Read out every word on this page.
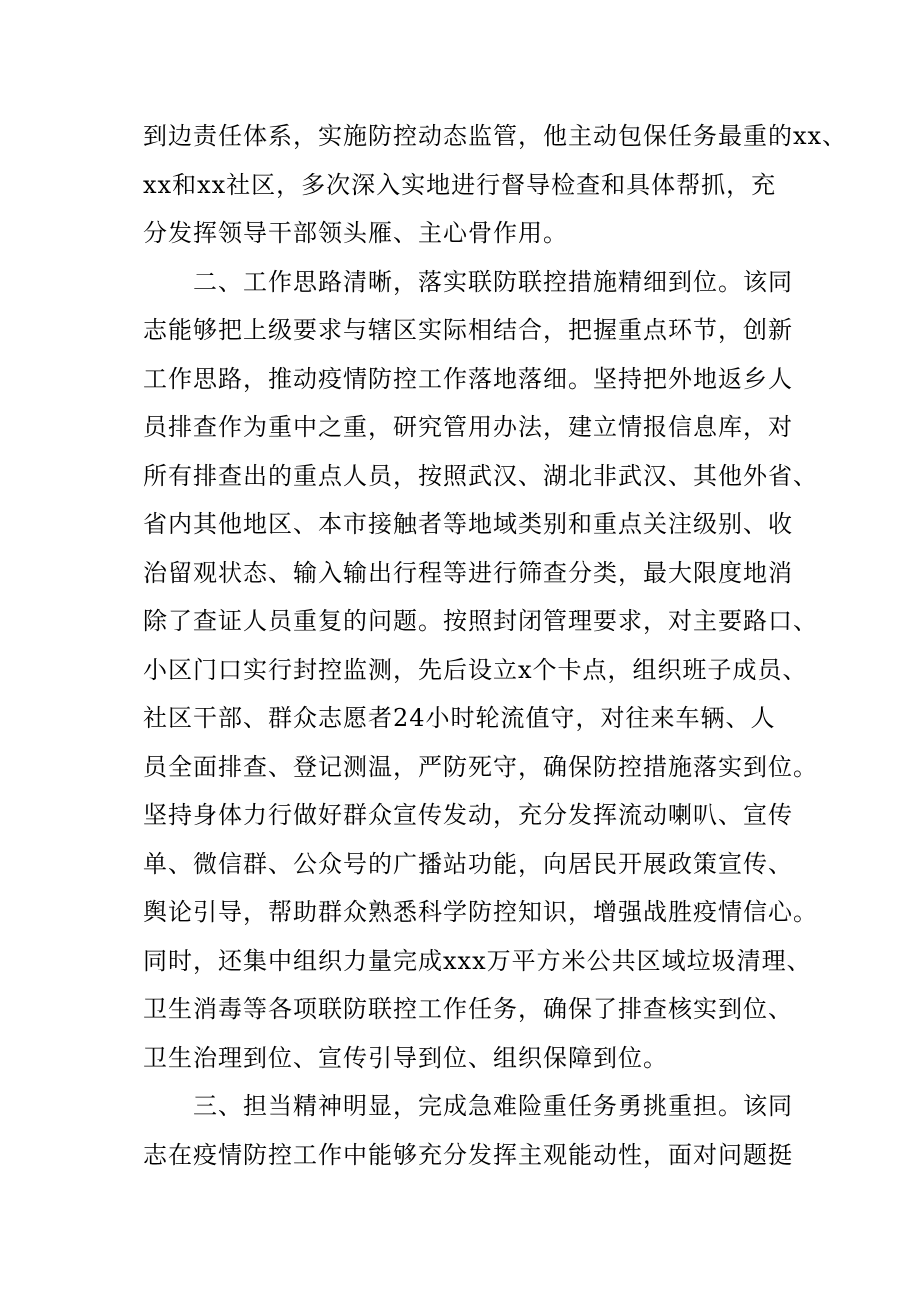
到边责任体系，实施防控动态监管，他主动包保任务最重的xx、
xx和xx社区，多次深入实地进行督导检查和具体帮抓，充
分发挥领导干部领头雁、主心骨作用。
二、工作思路清晰，落实联防联控措施精细到位。该同
志能够把上级要求与辖区实际相结合，把握重点环节，创新
工作思路，推动疫情防控工作落地落细。坚持把外地返乡人
员排查作为重中之重，研究管用办法，建立情报信息库，对
所有排查出的重点人员，按照武汉、湖北非武汉、其他外省、
省内其他地区、本市接触者等地域类别和重点关注级别、收
治留观状态、输入输出行程等进行筛查分类，最大限度地消
除了查证人员重复的问题。按照封闭管理要求，对主要路口、
小区门口实行封控监测，先后设立x个卡点，组织班子成员、
社区干部、群众志愿者24小时轮流值守，对往来车辆、人
员全面排查、登记测温，严防死守，确保防控措施落实到位。
坚持身体力行做好群众宣传发动，充分发挥流动喇叭、宣传
单、微信群、公众号的广播站功能，向居民开展政策宣传、
舆论引导，帮助群众熟悉科学防控知识，增强战胜疫情信心。
同时，还集中组织力量完成xxx万平方米公共区域垃圾清理、
卫生消毒等各项联防联控工作任务，确保了排查核实到位、
卫生治理到位、宣传引导到位、组织保障到位。
三、担当精神明显，完成急难险重任务勇挑重担。该同
志在疫情防控工作中能够充分发挥主观能动性，面对问题挺
